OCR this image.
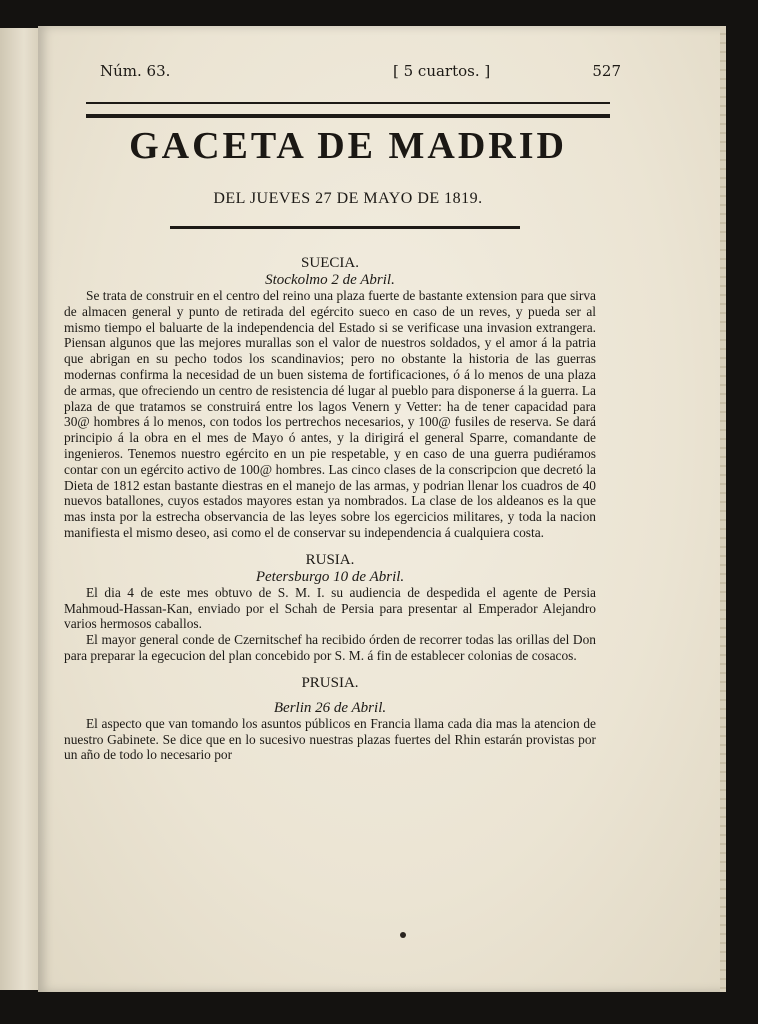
Núm. 63.	[ 5 cuartos. ]	527
GACETA DE MADRID
DEL JUEVES 27 DE MAYO DE 1819.
SUECIA.
Stockolmo 2 de Abril.

Se trata de construir en el centro del reino una plaza fuerte de bastante extension para que sirva de almacen general y punto de retirada del egército sueco en caso de un reves, y pueda ser al mismo tiempo el baluarte de la independencia del Estado si se verificase una invasion extrangera. Piensan algunos que las mejores murallas son el valor de nuestros soldados, y el amor á la patria que abrigan en su pecho todos los scandinavios; pero no obstante la historia de las guerras modernas confirma la necesidad de un buen sistema de fortificaciones, ó á lo menos de una plaza de armas, que ofreciendo un centro de resistencia dé lugar al pueblo para disponerse á la guerra. La plaza de que tratamos se construirá entre los lagos Venern y Vetter: ha de tener capacidad para 30@ hombres á lo menos, con todos los pertrechos necesarios, y 100@ fusiles de reserva. Se dará principio á la obra en el mes de Mayo ó antes, y la dirigirá el general Sparre, comandante de ingenieros. Tenemos nuestro egército en un pie respetable, y en caso de una guerra pudiéramos contar con un egército activo de 100@ hombres. Las cinco clases de la conscripcion que decretó la Dieta de 1812 estan bastante diestras en el manejo de las armas, y podrian llenar los cuadros de 40 nuevos batallones, cuyos estados mayores estan ya nombrados. La clase de los aldeanos es la que mas insta por la estrecha observancia de las leyes sobre los egercicios militares, y toda la nacion manifiesta el mismo deseo, asi como el de conservar su independencia á cualquiera costa.

RUSIA.
Petersburgo 10 de Abril.

El dia 4 de este mes obtuvo de S. M. I. su audiencia de despedida el agente de Persia Mahmoud-Hassan-Kan, enviado por el Schah de Persia para presentar al Emperador Alejandro varios hermosos caballos.

El mayor general conde de Czernitschef ha recibido órden de recorrer todas las orillas del Don para preparar la egecucion del plan concebido por S. M. á fin de establecer colonias de cosacos.

PRUSIA.
Berlin 26 de Abril.

El aspecto que van tomando los asuntos públicos en Francia llama cada dia mas la atencion de nuestro Gabinete. Se dice que en lo sucesivo nuestras plazas fuertes del Rhin estarán provistas por un año de todo lo necesario por
